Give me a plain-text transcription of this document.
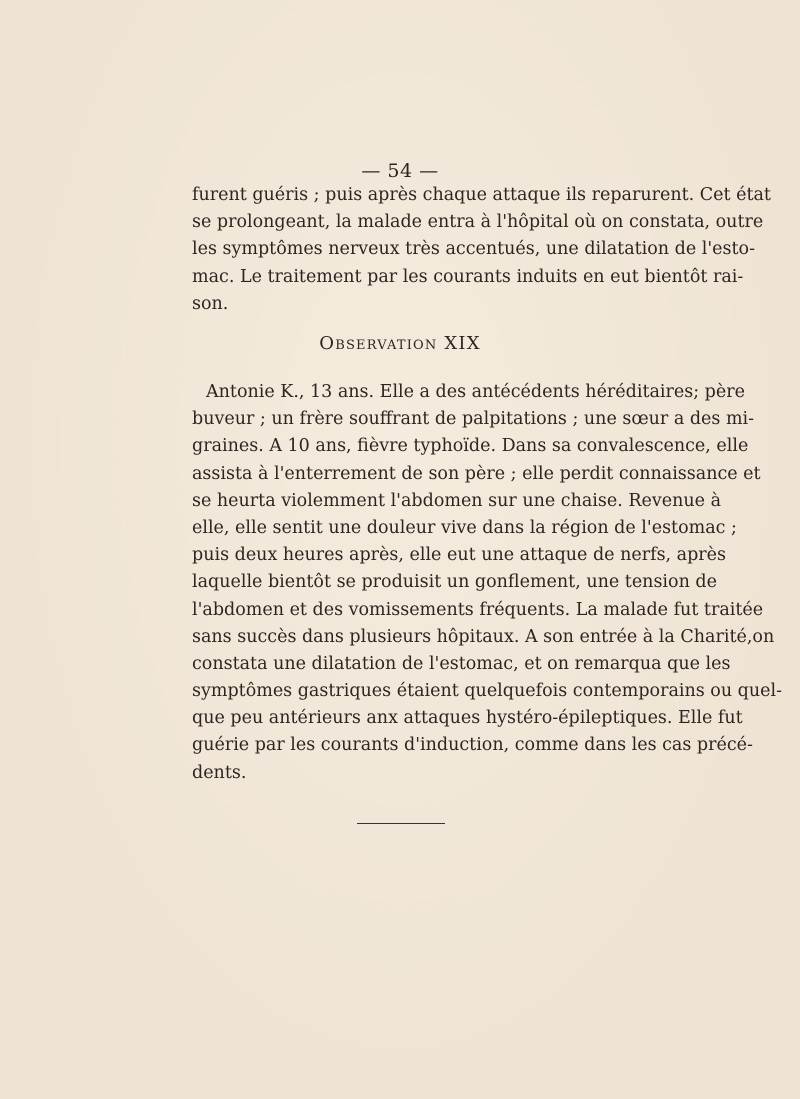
— 54 —
furent guéris ; puis après chaque attaque ils reparurent. Cet état
se prolongeant, la malade entra à l'hôpital où on constata, outre
les symptômes nerveux très accentués, une dilatation de l'esto-
mac. Le traitement par les courants induits en eut bientôt rai-
son.
Observation XIX
Antonie K., 13 ans. Elle a des antécédents héréditaires; père
buveur ; un frère souffrant de palpitations ; une sœur a des mi-
graines. A 10 ans, fièvre typhoïde. Dans sa convalescence, elle
assista à l'enterrement de son père ; elle perdit connaissance et
se heurta violemment l'abdomen sur une chaise. Revenue à
elle, elle sentit une douleur vive dans la région de l'estomac ;
puis deux heures après, elle eut une attaque de nerfs, après
laquelle bientôt se produisit un gonflement, une tension de
l'abdomen et des vomissements fréquents. La malade fut traitée
sans succès dans plusieurs hôpitaux. A son entrée à la Charité,on
constata une dilatation de l'estomac, et on remarqua que les
symptômes gastriques étaient quelquefois contemporains ou quel-
que peu antérieurs anx attaques hystéro-épileptiques. Elle fut
guérie par les courants d'induction, comme dans les cas précé-
dents.
